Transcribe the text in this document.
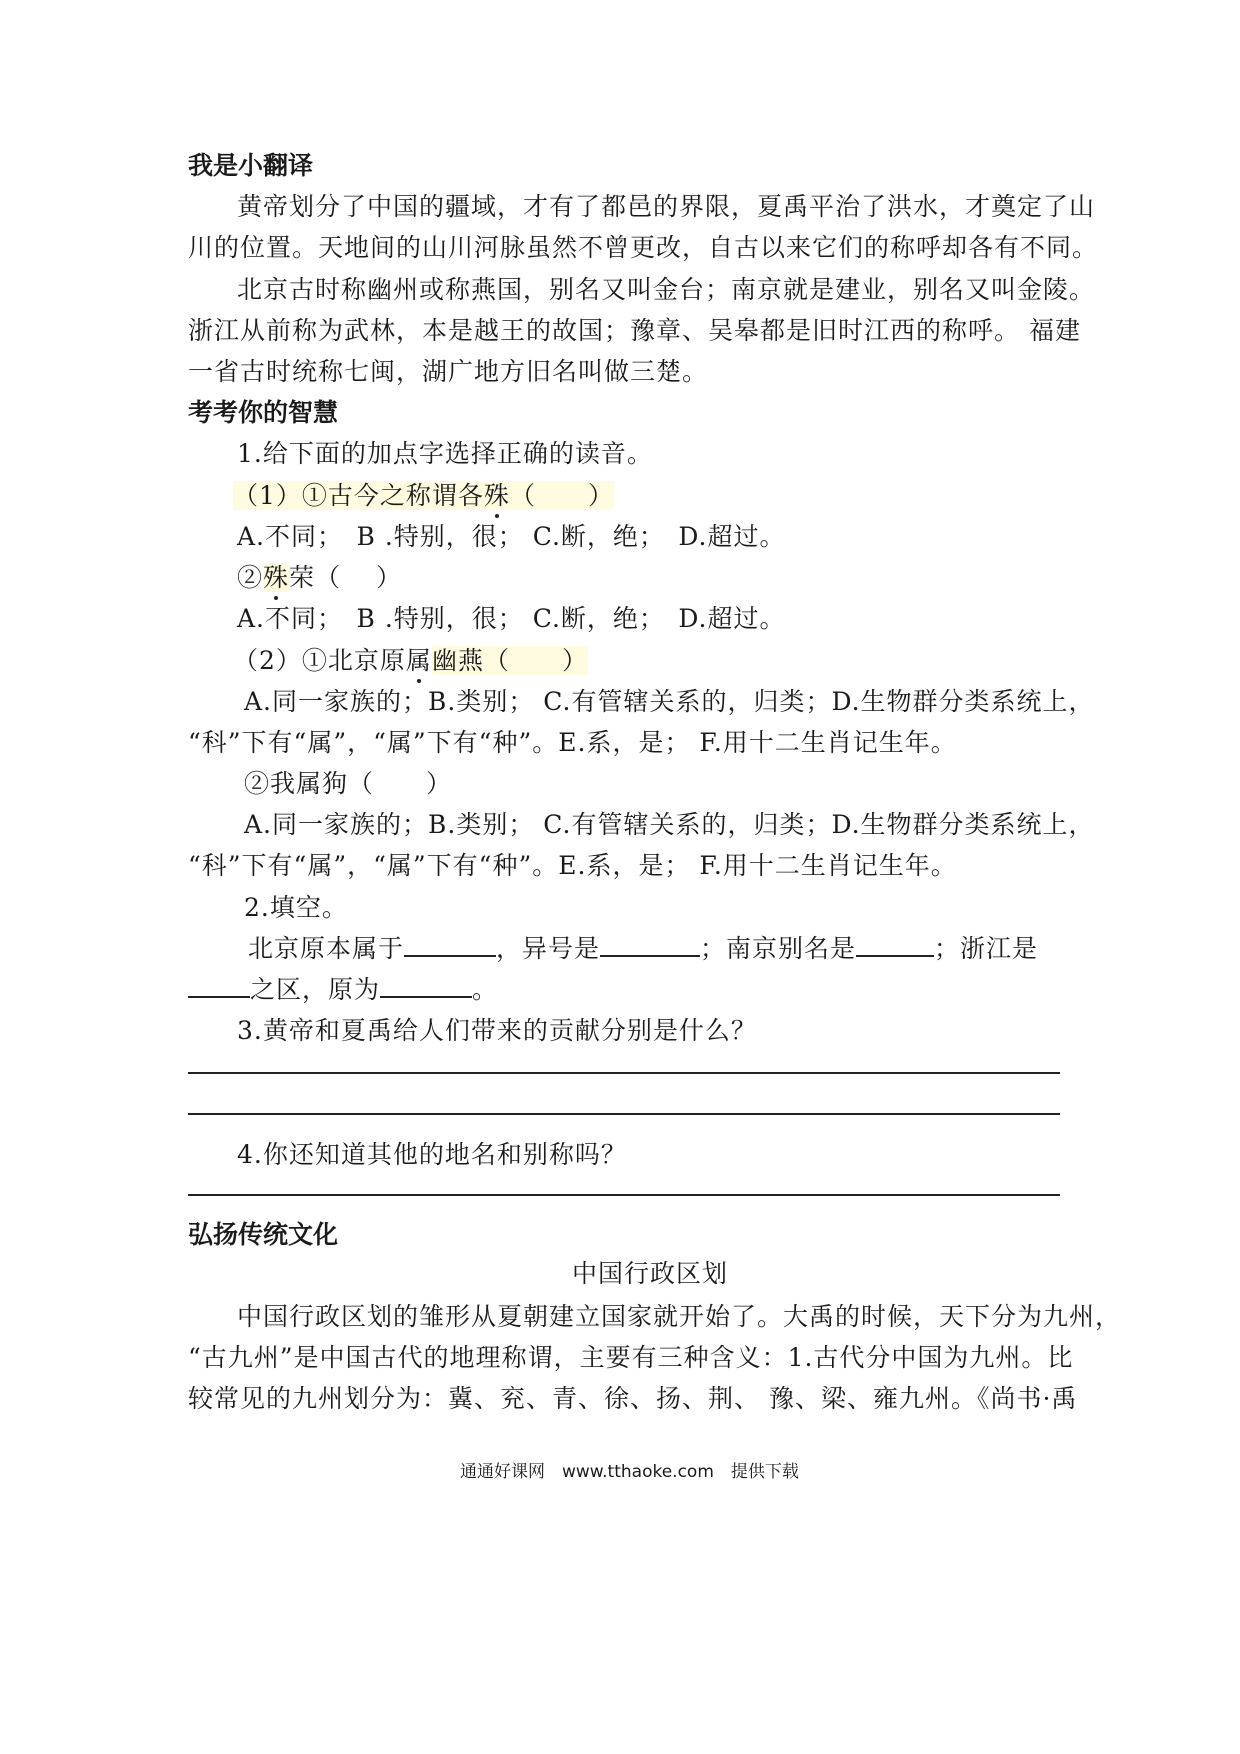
我是小翻译
黄帝划分了中国的疆域，才有了都邑的界限，夏禹平治了洪水，才奠定了山
川的位置。天地间的山川河脉虽然不曾更改，自古以来它们的称呼却各有不同。
北京古时称幽州或称燕国，别名又叫金台；南京就是建业，别名又叫金陵。
浙江从前称为武林，本是越王的故国；豫章、吴皋都是旧时江西的称呼。 福建
一省古时统称七闽，湖广地方旧名叫做三楚。
考考你的智慧
1.给下面的加点字选择正确的读音。
（1）①古今之称谓各殊（　　）
A.不同；　B .特别，很； C.断，绝；　D.超过。
②殊荣（　 ）
A.不同；　B .特别，很； C.断，绝；　D.超过。
（2）①北京原属幽燕（　　）
A.同一家族的；B.类别； C.有管辖关系的，归类；D.生物群分类系统上，
“科”下有“属”，“属”下有“种”。E.系，是； F.用十二生肖记生年。
②我属狗（　　）
A.同一家族的；B.类别； C.有管辖关系的，归类；D.生物群分类系统上，
“科”下有“属”，“属”下有“种”。E.系，是； F.用十二生肖记生年。
2.填空。
北京原本属于	，异号是	；南京别名是	；浙江是
之区，原为	。
3.黄帝和夏禹给人们带来的贡献分别是什么？
4.你还知道其他的地名和别称吗？
弘扬传统文化
中国行政区划
中国行政区划的雏形从夏朝建立国家就开始了。大禹的时候，天下分为九州，
“古九州”是中国古代的地理称谓，主要有三种含义：1.古代分中国为九州。比
较常见的九州划分为：冀、兖、青、徐、扬、荆、 豫、梁、雍九州。《尚书·禹
通通好课网　www.tthaoke.com　提供下载
